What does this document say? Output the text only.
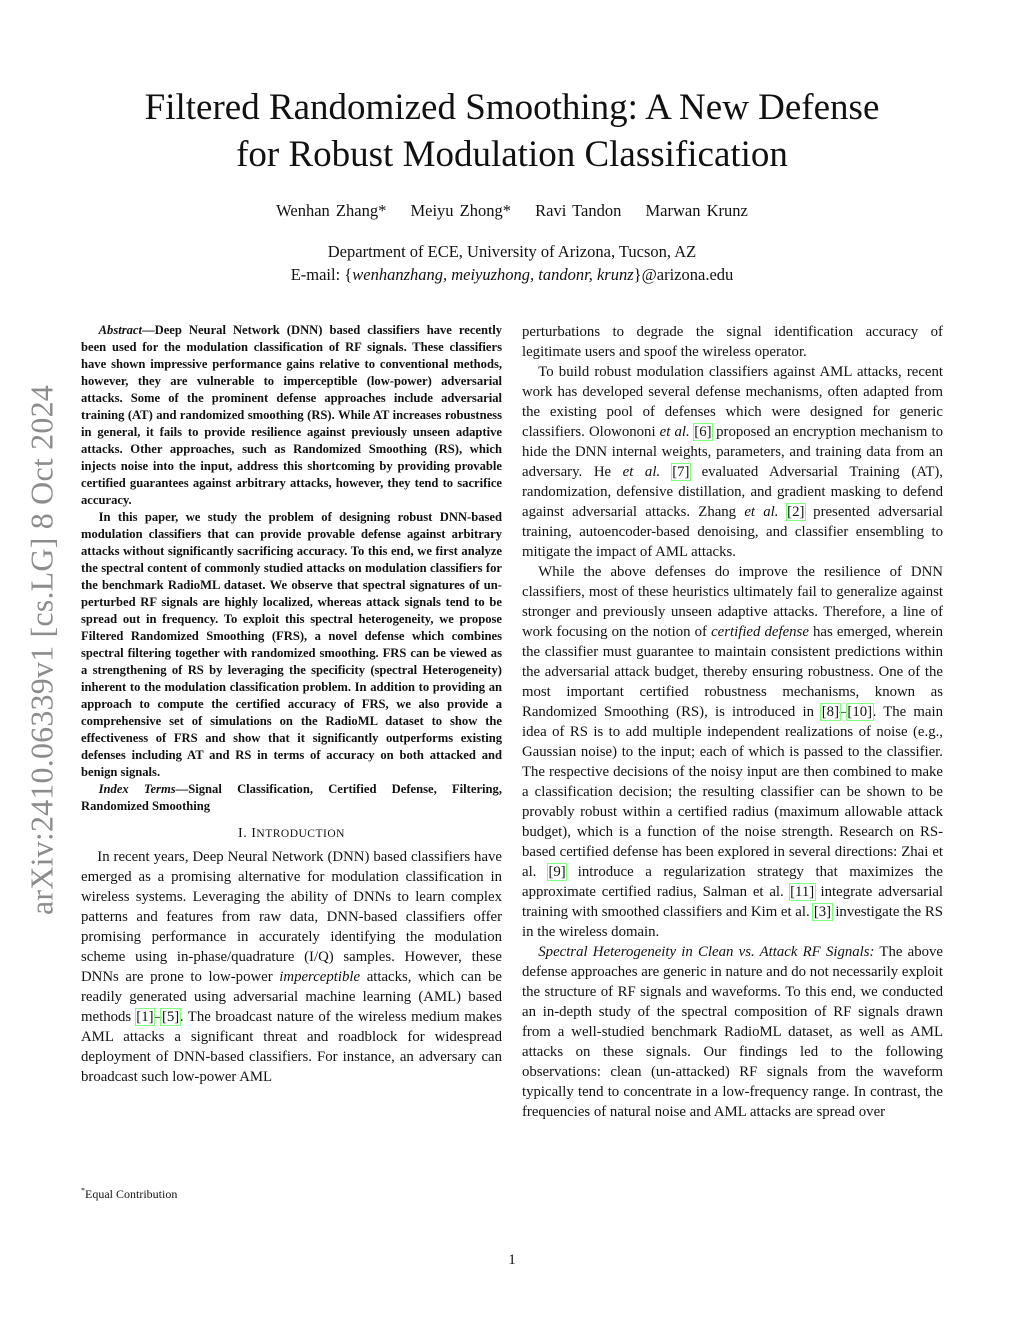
arXiv:2410.06339v1 [cs.LG] 8 Oct 2024
Filtered Randomized Smoothing: A New Defense
for Robust Modulation Classification
Wenhan Zhang* Meiyu Zhong* Ravi Tandon Marwan Krunz
Department of ECE, University of Arizona, Tucson, AZ
E-mail: {wenhanzhang, meiyuzhong, tandonr, krunz}@arizona.edu

Abstract—Deep Neural Network (DNN) based classifiers have recently been used for the modulation classification of RF signals. These classifiers have shown impressive performance gains relative to conventional methods, however, they are vulnerable to imperceptible (low-power) adversarial attacks. Some of the prominent defense approaches include adversarial training (AT) and randomized smoothing (RS). While AT increases robustness in general, it fails to provide resilience against previously unseen adaptive attacks. Other approaches, such as Randomized Smoothing (RS), which injects noise into the input, address this shortcoming by providing provable certified guarantees against arbitrary attacks, however, they tend to sacrifice accuracy.

In this paper, we study the problem of designing robust DNN-based modulation classifiers that can provide provable defense against arbitrary attacks without significantly sacrificing accuracy. To this end, we first analyze the spectral content of commonly studied attacks on modulation classifiers for the benchmark RadioML dataset. We observe that spectral signatures of un-perturbed RF signals are highly localized, whereas attack signals tend to be spread out in frequency. To exploit this spectral heterogeneity, we propose Filtered Randomized Smoothing (FRS), a novel defense which combines spectral filtering together with randomized smoothing. FRS can be viewed as a strengthening of RS by leveraging the specificity (spectral Heterogeneity) inherent to the modulation classification problem. In addition to providing an approach to compute the certified accuracy of FRS, we also provide a comprehensive set of simulations on the RadioML dataset to show the effectiveness of FRS and show that it significantly outperforms existing defenses including AT and RS in terms of accuracy on both attacked and benign signals.

Index Terms—Signal Classification, Certified Defense, Filtering, Randomized Smoothing

I. INTRODUCTION

In recent years, Deep Neural Network (DNN) based classifiers have emerged as a promising alternative for modulation classification in wireless systems. Leveraging the ability of DNNs to learn complex patterns and features from raw data, DNN-based classifiers offer promising performance in accurately identifying the modulation scheme using in-phase/quadrature (I/Q) samples. However, these DNNs are prone to low-power imperceptible attacks, which can be readily generated using adversarial machine learning (AML) based methods [1]–[5]. The broadcast nature of the wireless medium makes AML attacks a significant threat and roadblock for widespread deployment of DNN-based classifiers. For instance, an adversary can broadcast such low-power AML

*Equal Contribution

perturbations to degrade the signal identification accuracy of legitimate users and spoof the wireless operator.

To build robust modulation classifiers against AML attacks, recent work has developed several defense mechanisms, often adapted from the existing pool of defenses which were designed for generic classifiers. Olowononi et al. [6] proposed an encryption mechanism to hide the DNN internal weights, parameters, and training data from an adversary. He et al. [7] evaluated Adversarial Training (AT), randomization, defensive distillation, and gradient masking to defend against adversarial attacks. Zhang et al. [2] presented adversarial training, autoencoder-based denoising, and classifier ensembling to mitigate the impact of AML attacks.

While the above defenses do improve the resilience of DNN classifiers, most of these heuristics ultimately fail to generalize against stronger and previously unseen adaptive attacks. Therefore, a line of work focusing on the notion of certified defense has emerged, wherein the classifier must guarantee to maintain consistent predictions within the adversarial attack budget, thereby ensuring robustness. One of the most important certified robustness mechanisms, known as Randomized Smoothing (RS), is introduced in [8]–[10]. The main idea of RS is to add multiple independent realizations of noise (e.g., Gaussian noise) to the input; each of which is passed to the classifier. The respective decisions of the noisy input are then combined to make a classification decision; the resulting classifier can be shown to be provably robust within a certified radius (maximum allowable attack budget), which is a function of the noise strength. Research on RS-based certified defense has been explored in several directions: Zhai et al. [9] introduce a regularization strategy that maximizes the approximate certified radius, Salman et al. [11] integrate adversarial training with smoothed classifiers and Kim et al. [3] investigate the RS in the wireless domain.

Spectral Heterogeneity in Clean vs. Attack RF Signals: The above defense approaches are generic in nature and do not necessarily exploit the structure of RF signals and waveforms. To this end, we conducted an in-depth study of the spectral composition of RF signals drawn from a well-studied benchmark RadioML dataset, as well as AML attacks on these signals. Our findings led to the following observations: clean (un-attacked) RF signals from the waveform typically tend to concentrate in a low-frequency range. In contrast, the frequencies of natural noise and AML attacks are spread over

1
